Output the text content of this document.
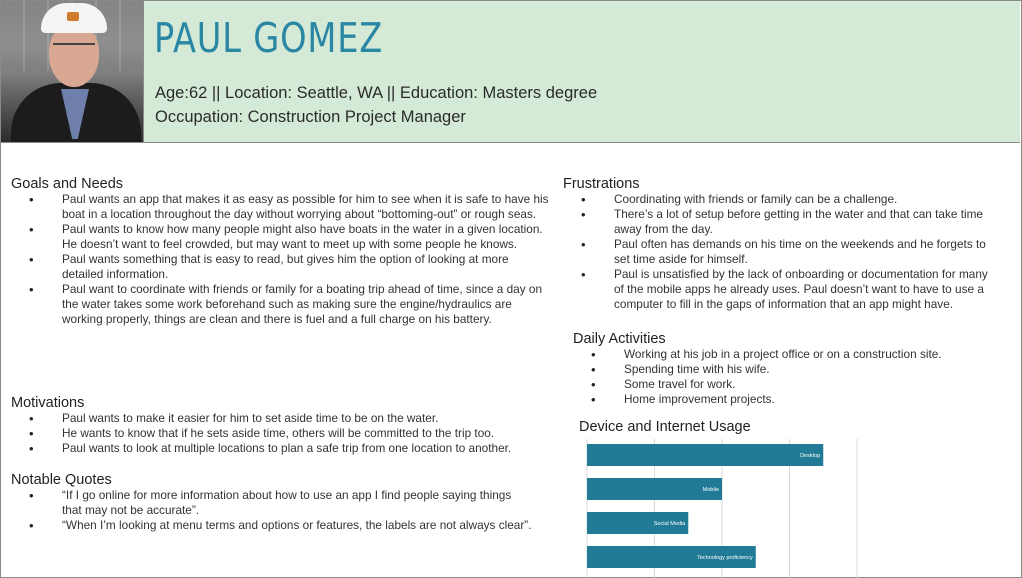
PAUL GOMEZ
Age:62 || Location: Seattle, WA || Education: Masters degree
Occupation: Construction Project Manager
Goals and Needs
• Paul wants an app that makes it as easy as possible for him to see when it is safe to have his boat in a location throughout the day without worrying about “bottoming-out” or rough seas.
• Paul wants to know how many people might also have boats in the water in a given location. He doesn’t want to feel crowded, but may want to meet up with some people he knows.
• Paul wants something that is easy to read, but gives him the option of looking at more detailed information.
• Paul want to coordinate with friends or family for a boating trip ahead of time, since a day on the water takes some work beforehand such as making sure the engine/hydraulics are working properly, things are clean and there is fuel and a full charge on his battery.
Motivations
• Paul wants to make it easier for him to set aside time to be on the water.
• He wants to know that if he sets aside time, others will be committed to the trip too.
• Paul wants to look at multiple locations to plan a safe trip from one location to another.
Notable Quotes
• “If I go online for more information about how to use an app I find people saying things that may not be accurate”.
• “When I’m looking at menu terms and options or features, the labels are not always clear”.
Frustrations
• Coordinating with friends or family can be a challenge.
• There’s a lot of setup before getting in the water and that can take time away from the day.
• Paul often has demands on his time on the weekends and he forgets to set time aside for himself.
• Paul is unsatisfied by the lack of onboarding or documentation for many of the mobile apps he already uses. Paul doesn’t want to have to use a computer to fill in the gaps of information that an app might have.
Daily Activities
• Working at his job in a project office or on a construction site.
• Spending time with his wife.
• Some travel for work.
• Home improvement projects.
Device and Internet Usage
Desktop
Mobile
Social Media
Technology proficiency
